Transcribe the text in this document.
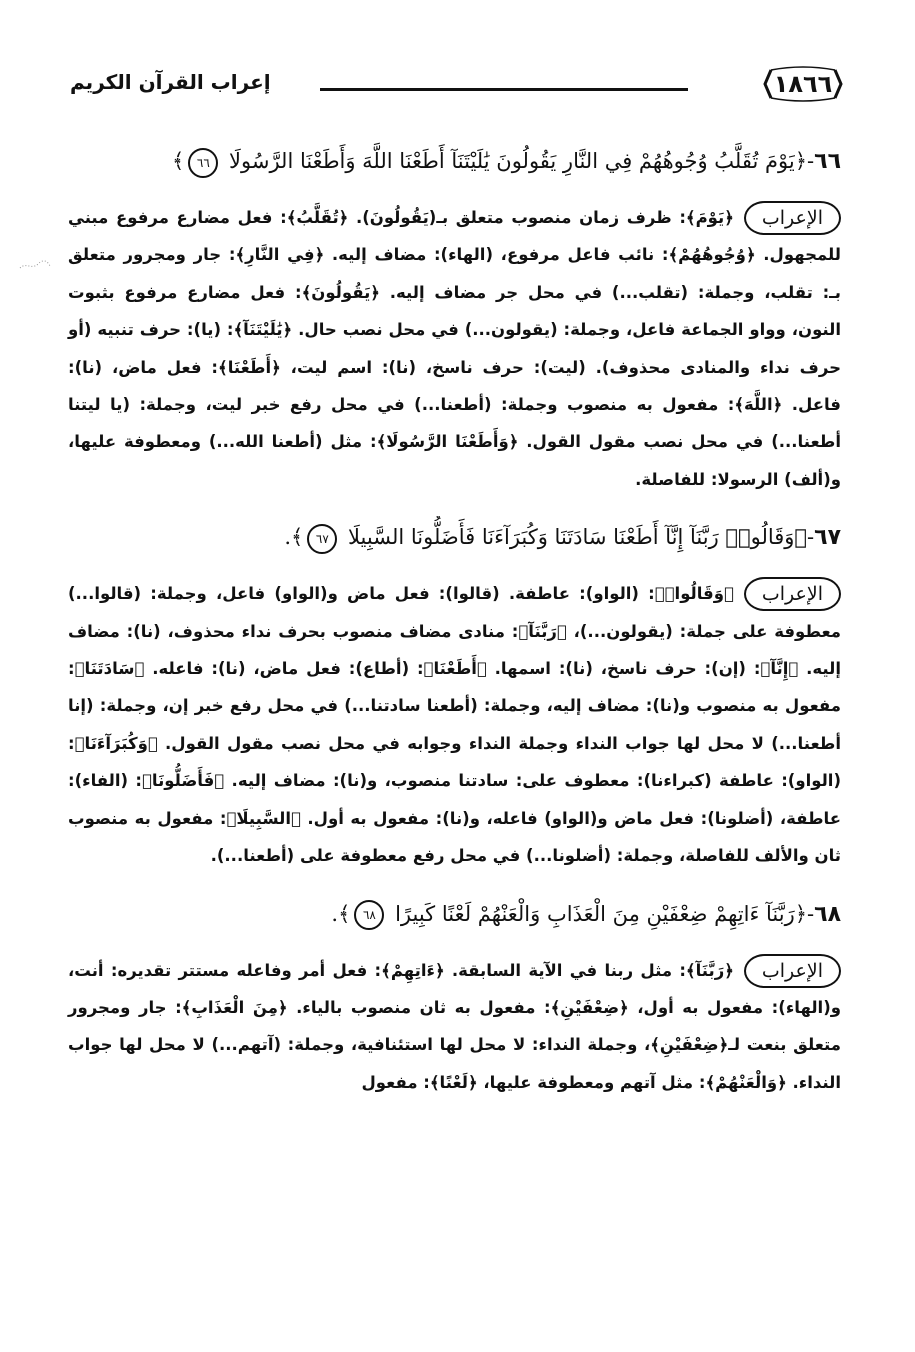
١٨٦٦
إعراب القرآن الكريم
٦٦-﴿يَوْمَ تُقَلَّبُ وُجُوهُهُمْ فِي النَّارِ يَقُولُونَ يَٰلَيْتَنَآ أَطَعْنَا اللَّهَ وَأَطَعْنَا الرَّسُولَا ٦٦﴾
الإعراب
﴿يَوْمَ﴾: ظرف زمان منصوب متعلق بـ(يَقُولُونَ). ﴿تُقَلَّبُ﴾: فعل مضارع مرفوع مبني للمجهول. ﴿وُجُوهُهُمْ﴾: نائب فاعل مرفوع، (الهاء): مضاف إليه. ﴿فِي النَّارِ﴾: جار ومجرور متعلق بـ: تقلب، وجملة: (تقلب...) في محل جر مضاف إليه. ﴿يَقُولُونَ﴾: فعل مضارع مرفوع بثبوت النون، وواو الجماعة فاعل، وجملة: (يقولون...) في محل نصب حال. ﴿يَٰلَيْتَنَآ﴾: (يا): حرف تنبيه (أو حرف نداء والمنادى محذوف). (ليت): حرف ناسخ، (نا): اسم ليت، ﴿أَطَعْنَا﴾: فعل ماض، (نا): فاعل. ﴿اللَّهَ﴾: مفعول به منصوب وجملة: (أطعنا...) في محل رفع خبر ليت، وجملة: (يا ليتنا أطعنا...) في محل نصب مقول القول. ﴿وَأَطَعْنَا الرَّسُولَا﴾: مثل (أطعنا الله...) ومعطوفة عليها، و(ألف) الرسولا: للفاصلة.
٦٧-﴿وَقَالُوا۟ رَبَّنَآ إِنَّآ أَطَعْنَا سَادَتَنَا وَكُبَرَآءَنَا فَأَضَلُّونَا السَّبِيلَا ٦٧﴾.
الإعراب
﴿وَقَالُوا۟﴾: (الواو): عاطفة. (قالوا): فعل ماض و(الواو) فاعل، وجملة: (قالوا...) معطوفة على جملة: (يقولون...)، ﴿رَبَّنَآ﴾: منادى مضاف منصوب بحرف نداء محذوف، (نا): مضاف إليه. ﴿إِنَّآ﴾: (إن): حرف ناسخ، (نا): اسمها. ﴿أَطَعْنَا﴾: (أطاع): فعل ماض، (نا): فاعله. ﴿سَادَتَنَا﴾: مفعول به منصوب و(نا): مضاف إليه، وجملة: (أطعنا سادتنا...) في محل رفع خبر إن، وجملة: (إنا أطعنا...) لا محل لها جواب النداء وجملة النداء وجوابه في محل نصب مقول القول. ﴿وَكُبَرَآءَنَا﴾: (الواو): عاطفة (كبراءنا): معطوف على: سادتنا منصوب، و(نا): مضاف إليه. ﴿فَأَضَلُّونَا﴾: (الفاء): عاطفة، (أضلونا): فعل ماض و(الواو) فاعله، و(نا): مفعول به أول. ﴿السَّبِيلَا﴾: مفعول به منصوب ثان والألف للفاصلة، وجملة: (أضلونا...) في محل رفع معطوفة على (أطعنا...).
٦٨-﴿رَبَّنَآ ءَاتِهِمْ ضِعْفَيْنِ مِنَ الْعَذَابِ وَالْعَنْهُمْ لَعْنًا كَبِيرًا ٦٨﴾.
الإعراب
﴿رَبَّنَآ﴾: مثل ربنا في الآية السابقة. ﴿ءَاتِهِمْ﴾: فعل أمر وفاعله مستتر تقديره: أنت، و(الهاء): مفعول به أول، ﴿ضِعْفَيْنِ﴾: مفعول به ثان منصوب بالياء. ﴿مِنَ الْعَذَابِ﴾: جار ومجرور متعلق بنعت لـ﴿ضِعْفَيْنِ﴾، وجملة النداء: لا محل لها استئنافية، وجملة: (آتهم...) لا محل لها جواب النداء. ﴿وَالْعَنْهُمْ﴾: مثل آتهم ومعطوفة عليها، ﴿لَعْنًا﴾: مفعول
